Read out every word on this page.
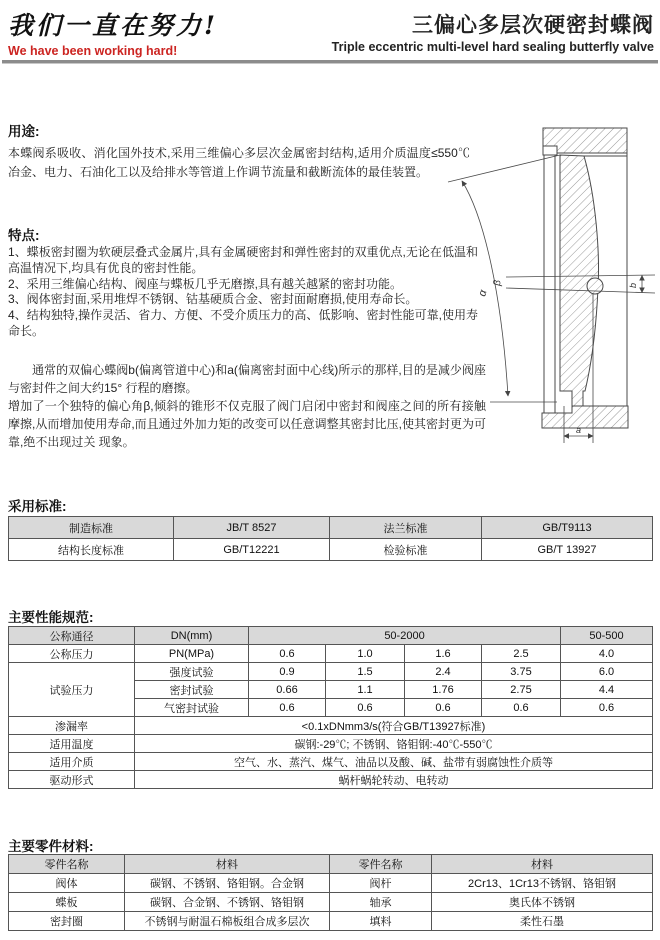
我们一直在努力!
We have been working hard!
三偏心多层次硬密封蝶阀
Triple eccentric multi-level hard sealing butterfly valve
用途:
本蝶阀系吸收、消化国外技术,采用三维偏心多层次金属密封结构,适用介质温度≤550℃冶金、电力、石油化工以及给排水等管道上作调节流量和截断流体的最佳装置。
特点:

1、蝶板密封圈为软硬层叠式金属片,具有金属硬密封和弹性密封的双重优点,无论在低温和高温情况下,均具有优良的密封性能。

2、采用三维偏心结构、阀座与蝶板几乎无磨擦,具有越关越紧的密封功能。

3、阀体密封面,采用堆焊不锈钢、钴基硬质合金、密封面耐磨损,使用寿命长。

4、结构独特,操作灵活、省力、方便、不受介质压力的高、低影响、密封性能可靠,使用寿命长。

通常的双偏心蝶阀b(偏离管道中心)和a(偏离密封面中心线)所示的那样,目的是减少阀座与密封件之间大约15° 行程的磨擦。

增加了一个独特的偏心角β,倾斜的锥形不仅克服了阀门启闭中密封和阀座之间的所有接触摩擦,从而增加使用寿命,而且通过外加力矩的改变可以任意调整其密封比压,使其密封更为可靠,绝不出现过关 现象。

α
β	b
a
采用标准:
制造标准	JB/T 8527	法兰标准	GB/T9113
结构长度标准	GB/T12221	检验标准	GB/T 13927
主要性能规范:
公称通径	DN(mm)	50-2000				50-500
公称压力	PN(MPa)	0.6	1.0	1.6	2.5	4.0
试验压力	强度试验	0.9	1.5	2.4	3.75	6.0
	密封试验	0.66	1.1	1.76	2.75	4.4
	气密封试验	0.6	0.6	0.6	0.6	0.6
渗漏率	<0.1xDNmm3/s(符合GB/T13927标准)					
适用温度	碳钢:-29℃; 不锈钢、铬钼钢:-40℃-550℃					
适用介质	空气、水、蒸汽、煤气、油品以及酸、碱、盐带有弱腐蚀性介质等					
驱动形式	蜗杆蜗轮转动、电转动					
主要零件材料:
零件名称	材料	零件名称	材料
阀体	碳钢、不锈钢、铬钼钢。合金钢	阀杆	2Cr13、1Cr13不锈钢、铬钼钢
蝶板	碳钢、合金钢、不锈钢、铬钼钢	轴承	奥氏体不锈钢
密封圈	不锈钢与耐温石棉板组合成多层次	填料	柔性石墨
